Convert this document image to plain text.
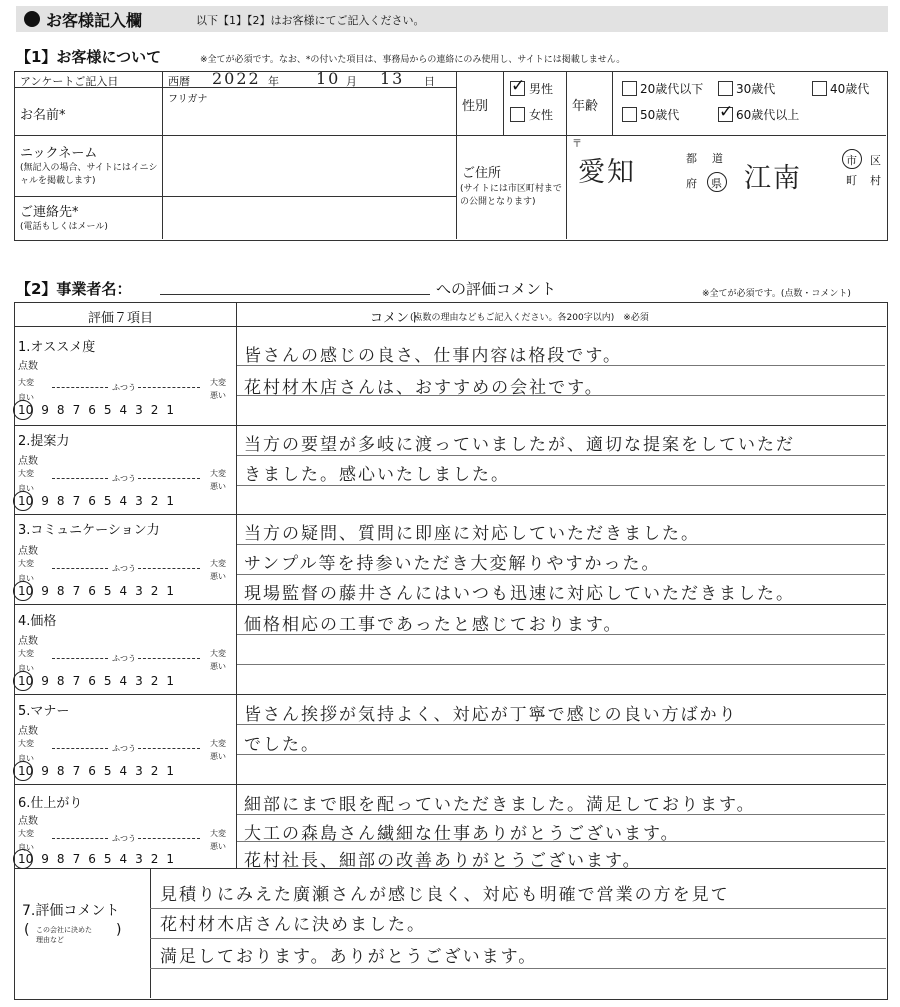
お客様記入欄	以下【1】【2】はお客様にてご記入ください。
【1】お客様について	※全てが必須です。なお、*の付いた項目は、事務局からの連絡にのみ使用し、サイトには掲載しません。
アンケートご記入日	西暦 2022 年 10 月 13 日
フリガナ
お名前*
性別
✓
男性
女性
年齢
20歳代以下	30歳代	40歳代
50歳代
✓	60歳代以上
ニックネーム
(無記入の場合、サイトにはイニシャルを掲載します)	ご住所
(サイトには市区町村までの公開となります)
〒
愛知	都 道
府 県 江南
市 区
町 村
ご連絡先*
(電話もしくはメール)
【2】事業者名：	への評価コメント	※全てが必須です。(点数・コメント)
評価７項目	コメント
(点数の理由などもご記入ください。各200字以内)　※必須
1.オススメ度
点数
大変
良い
ふつう
大変
悪い
10 9 8 7 6 5 4 3 2 1
皆さんの感じの良さ、仕事内容は格段です。
花村材木店さんは、おすすめの会社です。
2.提案力
点数
大変
良い
ふつう
大変
悪い
10 9 8 7 6 5 4 3 2 1
当方の要望が多岐に渡っていましたが、適切な提案をしていただ
きました。感心いたしました。
3.コミュニケーション力
点数
大変
良い
ふつう
大変
悪い
10 9 8 7 6 5 4 3 2 1
当方の疑問、質問に即座に対応していただきました。
サンプル等を持参いただき大変解りやすかった。
現場監督の藤井さんにはいつも迅速に対応していただきました。
4.価格
点数
大変
良い
ふつう
大変
悪い
10 9 8 7 6 5 4 3 2 1
価格相応の工事であったと感じております。
5.マナー
点数
大変
良い
ふつう
大変
悪い
10 9 8 7 6 5 4 3 2 1
皆さん挨拶が気持よく、対応が丁寧で感じの良い方ばかり
でした。
6.仕上がり
点数
大変
良い
ふつう
大変
悪い
10 9 8 7 6 5 4 3 2 1
細部にまで眼を配っていただきました。満足しております。
大工の森島さん繊細な仕事ありがとうございます。
花村社長、細部の改善ありがとうございます。
7.評価コメント
(	)
この会社に決めた
理由など
見積りにみえた廣瀬さんが感じ良く、対応も明確で営業の方を見て
花村材木店さんに決めました。
満足しております。ありがとうございます。
